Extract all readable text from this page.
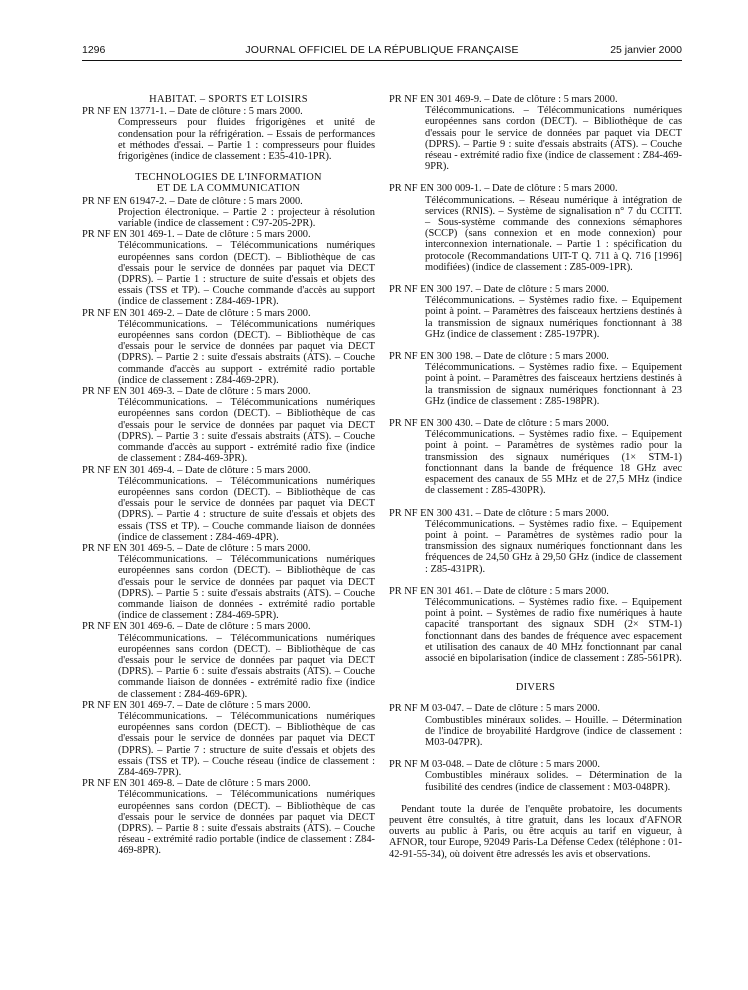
1296	JOURNAL OFFICIEL DE LA RÉPUBLIQUE FRANÇAISE	25 janvier 2000
HABITAT. – SPORTS ET LOISIRS
PR NF EN 13771-1. – Date de clôture : 5 mars 2000.
Compresseurs pour fluides frigorigènes et unité de condensation pour la réfrigération. – Essais de performances et méthodes d'essai. – Partie 1 : compresseurs pour fluides frigorigènes (indice de classement : E35-410-1PR).
TECHNOLOGIES DE L'INFORMATION
ET DE LA COMMUNICATION
PR NF EN 61947-2. – Date de clôture : 5 mars 2000.
Projection électronique. – Partie 2 : projecteur à résolution variable (indice de classement : C97-205-2PR).
PR NF EN 301 469-1. – Date de clôture : 5 mars 2000.
Télécommunications. – Télécommunications numériques européennes sans cordon (DECT). – Bibliothèque de cas d'essais pour le service de données par paquet via DECT (DPRS). – Partie 1 : structure de suite d'essais et objets des essais (TSS et TP). – Couche commande d'accès au support (indice de classement : Z84-469-1PR).
PR NF EN 301 469-2. – Date de clôture : 5 mars 2000.
Télécommunications. – Télécommunications numériques européennes sans cordon (DECT). – Bibliothèque de cas d'essais pour le service de données par paquet via DECT (DPRS). – Partie 2 : suite d'essais abstraits (ATS). – Couche commande d'accès au support - extrémité radio portable (indice de classement : Z84-469-2PR).
PR NF EN 301 469-3. – Date de clôture : 5 mars 2000.
Télécommunications. – Télécommunications numériques européennes sans cordon (DECT). – Bibliothèque de cas d'essais pour le service de données par paquet via DECT (DPRS). – Partie 3 : suite d'essais abstraits (ATS). – Couche commande d'accès au support - extrémité radio fixe (indice de classement : Z84-469-3PR).
PR NF EN 301 469-4. – Date de clôture : 5 mars 2000.
Télécommunications. – Télécommunications numériques européennes sans cordon (DECT). – Bibliothèque de cas d'essais pour le service de données par paquet via DECT (DPRS). – Partie 4 : structure de suite d'essais et objets des essais (TSS et TP). – Couche commande liaison de données (indice de classement : Z84-469-4PR).
PR NF EN 301 469-5. – Date de clôture : 5 mars 2000.
Télécommunications. – Télécommunications numériques européennes sans cordon (DECT). – Bibliothèque de cas d'essais pour le service de données par paquet via DECT (DPRS). – Partie 5 : suite d'essais abstraits (ATS). – Couche commande liaison de données - extrémité radio portable (indice de classement : Z84-469-5PR).
PR NF EN 301 469-6. – Date de clôture : 5 mars 2000.
Télécommunications. – Télécommunications numériques européennes sans cordon (DECT). – Bibliothèque de cas d'essais pour le service de données par paquet via DECT (DPRS). – Partie 6 : suite d'essais abstraits (ATS). – Couche commande liaison de données - extrémité radio fixe (indice de classement : Z84-469-6PR).
PR NF EN 301 469-7. – Date de clôture : 5 mars 2000.
Télécommunications. – Télécommunications numériques européennes sans cordon (DECT). – Bibliothèque de cas d'essais pour le service de données par paquet via DECT (DPRS). – Partie 7 : structure de suite d'essais et objets des essais (TSS et TP). – Couche réseau (indice de classement : Z84-469-7PR).
PR NF EN 301 469-8. – Date de clôture : 5 mars 2000.
Télécommunications. – Télécommunications numériques européennes sans cordon (DECT). – Bibliothèque de cas d'essais pour le service de données par paquet via DECT (DPRS). – Partie 8 : suite d'essais abstraits (ATS). – Couche réseau - extrémité radio portable (indice de classement : Z84-469-8PR).
PR NF EN 301 469-9. – Date de clôture : 5 mars 2000.
Télécommunications. – Télécommunications numériques européennes sans cordon (DECT). – Bibliothèque de cas d'essais pour le service de données par paquet via DECT (DPRS). – Partie 9 : suite d'essais abstraits (ATS). – Couche réseau - extrémité radio fixe (indice de classement : Z84-469-9PR).
PR NF EN 300 009-1. – Date de clôture : 5 mars 2000.
Télécommunications. – Réseau numérique à intégration de services (RNIS). – Système de signalisation n° 7 du CCITT. – Sous-système commande des connexions sémaphores (SCCP) (sans connexion et en mode connexion) pour interconnexion internationale. – Partie 1 : spécification du protocole (Recommandations UIT-T Q. 711 à Q. 716 [1996] modifiées) (indice de classement : Z85-009-1PR).
PR NF EN 300 197. – Date de clôture : 5 mars 2000.
Télécommunications. – Systèmes radio fixe. – Equipement point à point. – Paramètres des faisceaux hertziens destinés à la transmission de signaux numériques fonctionnant à 38 GHz (indice de classement : Z85-197PR).
PR NF EN 300 198. – Date de clôture : 5 mars 2000.
Télécommunications. – Systèmes radio fixe. – Equipement point à point. – Paramètres des faisceaux hertziens destinés à la transmission de signaux numériques fonctionnant à 23 GHz (indice de classement : Z85-198PR).
PR NF EN 300 430. – Date de clôture : 5 mars 2000.
Télécommunications. – Systèmes radio fixe. – Equipement point à point. – Paramètres de systèmes radio pour la transmission des signaux numériques (1× STM-1) fonctionnant dans la bande de fréquence 18 GHz avec espacement des canaux de 55 MHz et de 27,5 MHz (indice de classement : Z85-430PR).
PR NF EN 300 431. – Date de clôture : 5 mars 2000.
Télécommunications. – Systèmes radio fixe. – Equipement point à point. – Paramètres de systèmes radio pour la transmission des signaux numériques fonctionnant dans les fréquences de 24,50 GHz à 29,50 GHz (indice de classement : Z85-431PR).
PR NF EN 301 461. – Date de clôture : 5 mars 2000.
Télécommunications. – Systèmes radio fixe. – Equipement point à point. – Systèmes de radio fixe numériques à haute capacité transportant des signaux SDH (2× STM-1) fonctionnant dans des bandes de fréquence avec espacement et utilisation des canaux de 40 MHz fonctionnant par canal associé en bipolarisation (indice de classement : Z85-561PR).
DIVERS
PR NF M 03-047. – Date de clôture : 5 mars 2000.
Combustibles minéraux solides. – Houille. – Détermination de l'indice de broyabilité Hardgrove (indice de classement : M03-047PR).
PR NF M 03-048. – Date de clôture : 5 mars 2000.
Combustibles minéraux solides. – Détermination de la fusibilité des cendres (indice de classement : M03-048PR).

Pendant toute la durée de l'enquête probatoire, les documents peuvent être consultés, à titre gratuit, dans les locaux d'AFNOR ouverts au public à Paris, ou être acquis au tarif en vigueur, à AFNOR, tour Europe, 92049 Paris-La Défense Cedex (téléphone : 01-42-91-55-34), où doivent être adressés les avis et observations.
